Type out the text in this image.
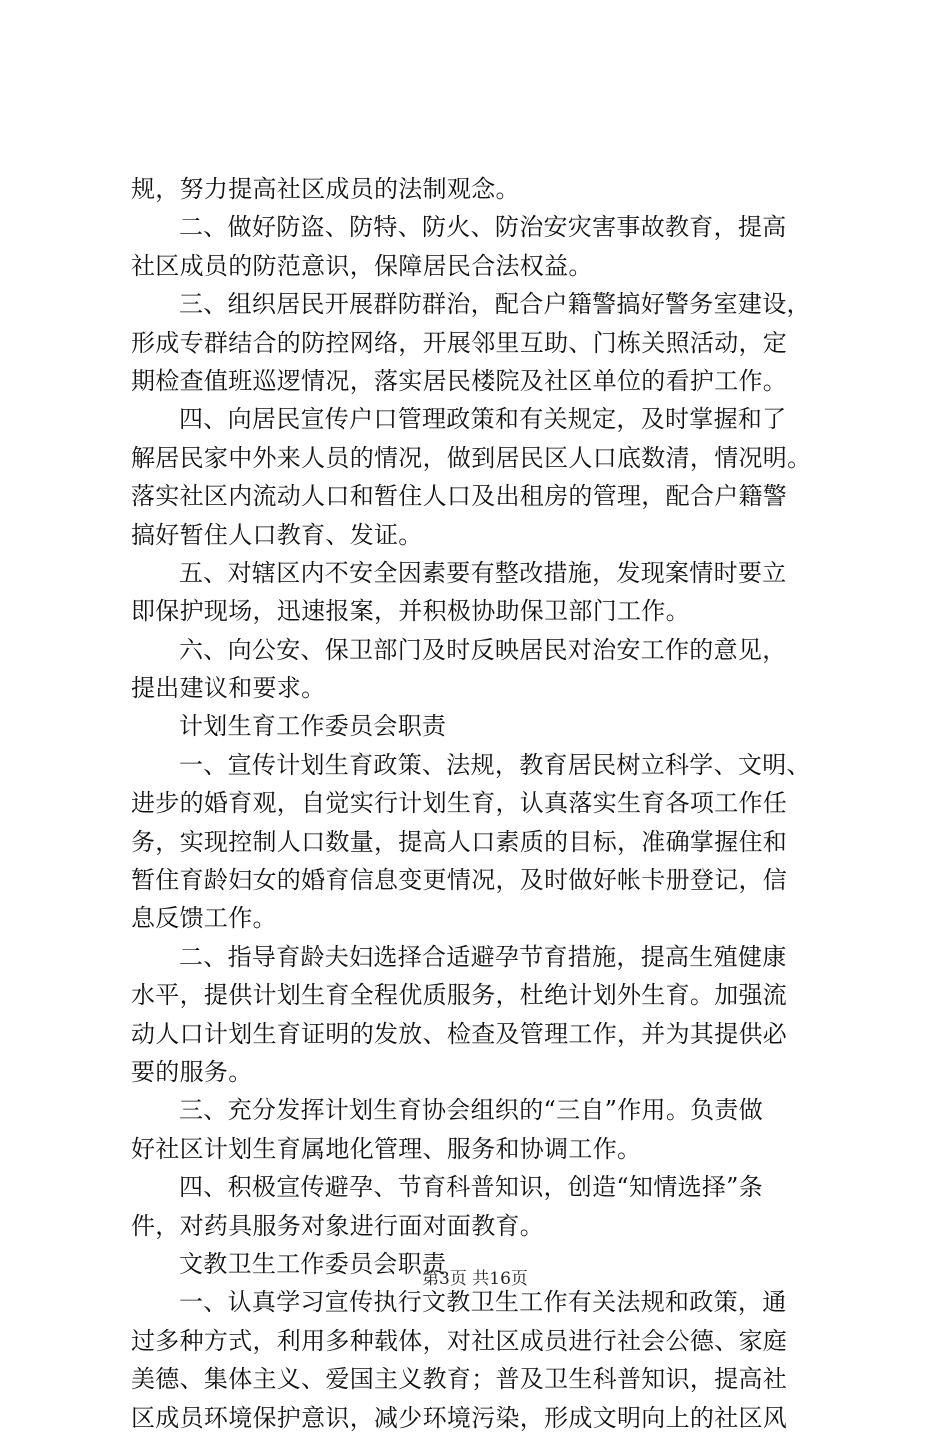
规，努力提高社区成员的法制观念。
二、做好防盗、防特、防火、防治安灾害事故教育，提高
社区成员的防范意识，保障居民合法权益。
三、组织居民开展群防群治，配合户籍警搞好警务室建设，
形成专群结合的防控网络，开展邻里互助、门栋关照活动，定
期检查值班巡逻情况，落实居民楼院及社区单位的看护工作。
四、向居民宣传户口管理政策和有关规定，及时掌握和了
解居民家中外来人员的情况，做到居民区人口底数清，情况明。
落实社区内流动人口和暂住人口及出租房的管理，配合户籍警
搞好暂住人口教育、发证。
五、对辖区内不安全因素要有整改措施，发现案情时要立
即保护现场，迅速报案，并积极协助保卫部门工作。
六、向公安、保卫部门及时反映居民对治安工作的意见，
提出建议和要求。
计划生育工作委员会职责
一、宣传计划生育政策、法规，教育居民树立科学、文明、
进步的婚育观，自觉实行计划生育，认真落实生育各项工作任
务，实现控制人口数量，提高人口素质的目标，准确掌握住和
暂住育龄妇女的婚育信息变更情况，及时做好帐卡册登记，信
息反馈工作。
二、指导育龄夫妇选择合适避孕节育措施，提高生殖健康
水平，提供计划生育全程优质服务，杜绝计划外生育。加强流
动人口计划生育证明的发放、检查及管理工作，并为其提供必
要的服务。
三、充分发挥计划生育协会组织的“三自”作用。负责做
好社区计划生育属地化管理、服务和协调工作。
四、积极宣传避孕、节育科普知识，创造“知情选择”条
件，对药具服务对象进行面对面教育。
文教卫生工作委员会职责
一、认真学习宣传执行文教卫生工作有关法规和政策，通
过多种方式，利用多种载体，对社区成员进行社会公德、家庭
美德、集体主义、爱国主义教育；普及卫生科普知识，提高社
区成员环境保护意识，减少环境污染，形成文明向上的社区风
第3页 共16页
